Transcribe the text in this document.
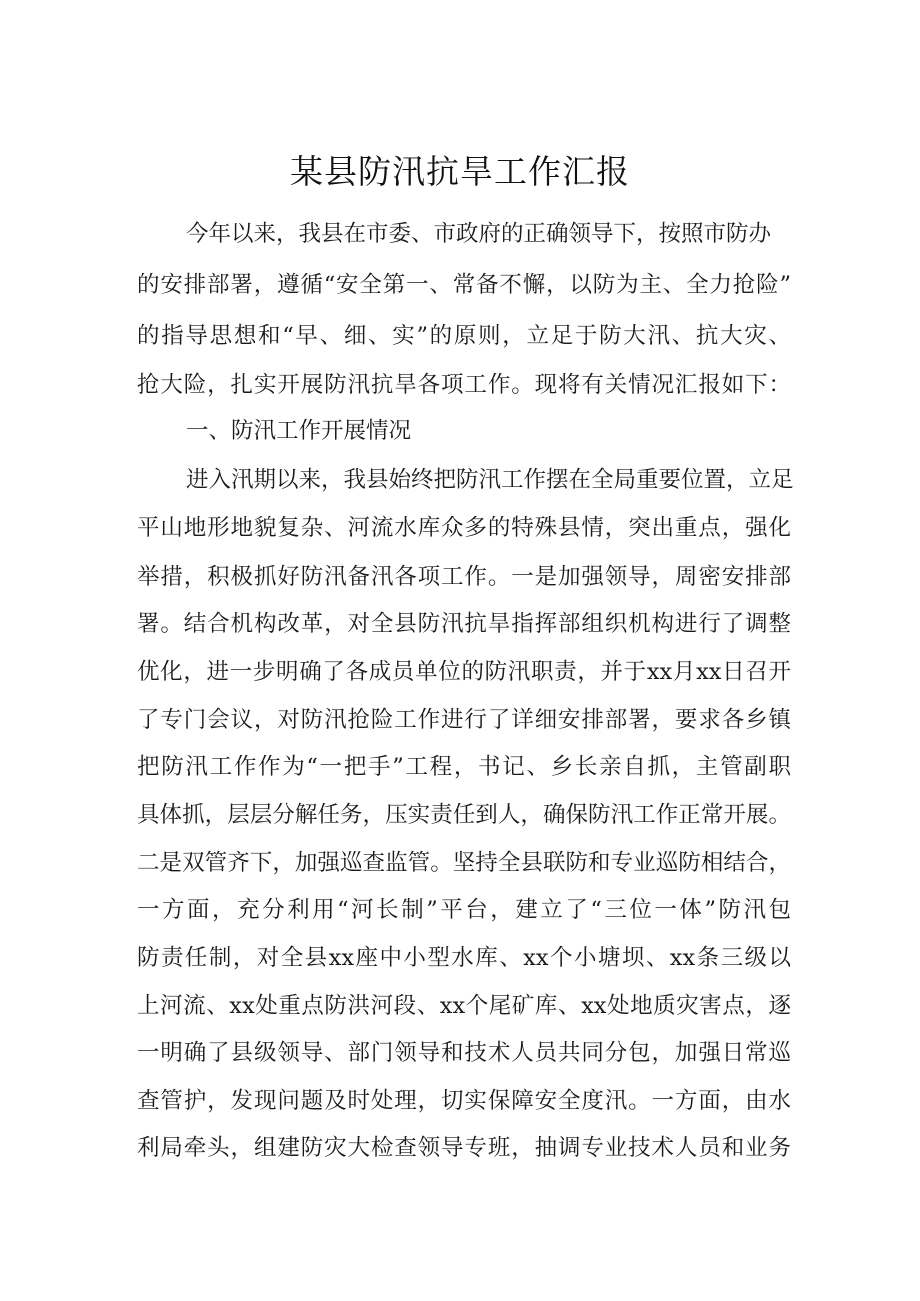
某县防汛抗旱工作汇报
今年以来，我县在市委、市政府的正确领导下，按照市防办
的安排部署，遵循“安全第一、常备不懈，以防为主、全力抢险”
的指导思想和“早、细、实”的原则，立足于防大汛、抗大灾、
抢大险，扎实开展防汛抗旱各项工作。现将有关情况汇报如下：
一、防汛工作开展情况
进入汛期以来，我县始终把防汛工作摆在全局重要位置，立足
平山地形地貌复杂、河流水库众多的特殊县情，突出重点，强化
举措，积极抓好防汛备汛各项工作。一是加强领导，周密安排部
署。结合机构改革，对全县防汛抗旱指挥部组织机构进行了调整
优化，进一步明确了各成员单位的防汛职责，并于xx月xx日召开
了专门会议，对防汛抢险工作进行了详细安排部署，要求各乡镇
把防汛工作作为“一把手”工程，书记、乡长亲自抓，主管副职
具体抓，层层分解任务，压实责任到人，确保防汛工作正常开展。
二是双管齐下，加强巡查监管。坚持全县联防和专业巡防相结合，
一方面，充分利用“河长制”平台，建立了“三位一体”防汛包
防责任制，对全县xx座中小型水库、xx个小塘坝、xx条三级以
上河流、xx处重点防洪河段、xx个尾矿库、xx处地质灾害点，逐
一明确了县级领导、部门领导和技术人员共同分包，加强日常巡
查管护，发现问题及时处理，切实保障安全度汛。一方面，由水
利局牵头，组建防灾大检查领导专班，抽调专业技术人员和业务
